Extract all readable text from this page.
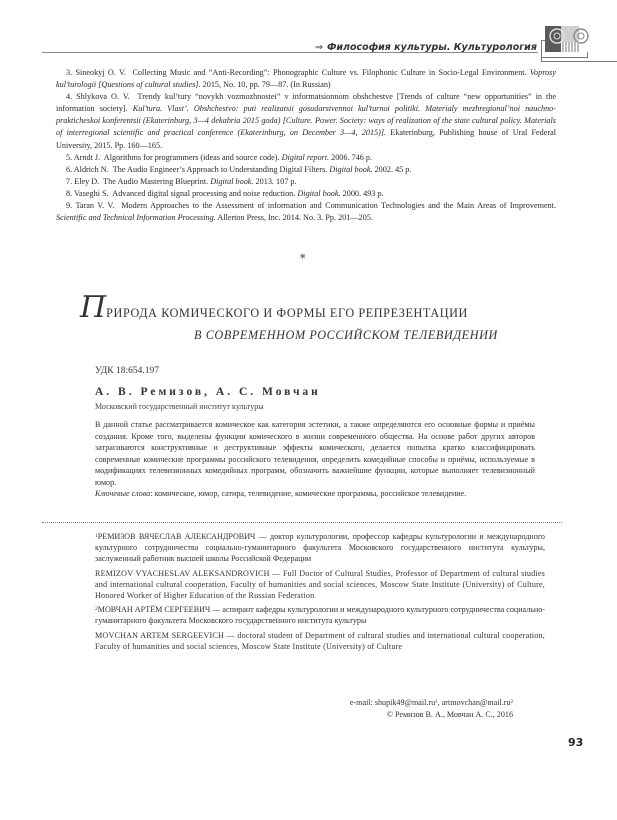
⇒ Философия культуры. Культурология

3. Sineokyj O. V. Collecting Music and “Anti-Recording”: Phonographic Culture vs. Filophonic Culture in Socio-Legal Environment. Voprosy kul’turologii [Questions of cultural studies]. 2015, No. 10, pp. 79—87. (In Russian)

4. Shlykova O. V. Trendy kul’tury “novykh vozmozhnostei” v informatsionnom obshchestve [Trends of culture “new opportunities” in the information society]. Kul’tura. Vlast’. Obshchestvo: puti realizatsii gosudarstvennoi kul’turnoi politiki. Materialy mezhregional’noi nauchno-prakticheskoi konferentsii (Ekaterinburg, 3—4 dekabria 2015 goda) [Culture. Power. Society: ways of realization of the state cultural policy. Materials of interregional scientific and practical conference (Ekaterinburg, on December 3—4, 2015)]. Ekaterinburg, Publishing house of Ural Federal University, 2015. Pp. 160—165.

5. Arndt J. Algorithms for programmers (ideas and source code). Digital report. 2006. 746 p.

6. Aldrich N. The Audio Engineer’s Approach to Understanding Digital Filters. Digital book. 2002. 45 p.

7. Eley D. The Audio Mastering Blueprint. Digital book. 2013. 107 p.

8. Vaseghi S. Advanced digital signal processing and noise reduction. Digital book. 2000. 493 p.

9. Taran V. V. Modern Approaches to the Assessment of information and Communication Technologies and the Main Areas of Improvement. Scientific and Technical Information Processing. Allerton Press, Inc. 2014. No. 3. Pp. 201—205.

*
ПРИРОДА КОМИЧЕСКОГО И ФОРМЫ ЕГО РЕПРЕЗЕНТАЦИИ
В СОВРЕМЕННОМ РОССИЙСКОМ ТЕЛЕВИДЕНИИ
УДК 18:654.197
А. В. Ремизов, А. С. Мовчан
Московский государственный институт культуры

В данной статье рассматривается комическое как категория эстетики, а также определяются его основные формы и приёмы создания. Кроме того, выделены функции комического в жизни современного общества. На основе работ других авторов затрагиваются конструктивные и деструктивные эффекты комического, делается попытка кратко классифицировать современные комические программы российского телевидения, определить комедийные способы и приёмы, используемые в модификациях телевизионных комедийных программ, обозначить важнейшие функции, которые выполняет телевизионный юмор.

Ключевые слова: комическое, юмор, сатира, телевидение, комические программы, российское телевидение.

$^1$РЕМИЗОВ ВЯЧЕСЛАВ АЛЕКСАНДРОВИЧ — доктор культурологии, профессор кафедры культурологии и международного культурного сотрудничества социально-гуманитарного факультета Московского государственного института культуры, заслуженный работник высшей школы Российской Федерации

REMIZOV VYACHESLAV ALEKSANDROVICH — Full Doctor of Cultural Studies, Professor of Department of cultural studies and international cultural cooperation, Faculty of humanities and social sciences, Moscow State Institute (University) of Culture, Honored Worker of Higher Education of the Russian Federation

$^2$МОВЧАН АРТЁМ СЕРГЕЕВИЧ — аспирант кафедры культурологии и международного культурного сотрудничества социально-гуманитарного факультета Московского государственного института культуры

MOVCHAN ARTEM SERGEEVICH — doctoral student of Department of cultural studies and international cultural cooperation, Faculty of humanities and social sciences, Moscow State Institute (University) of Culture

e-mail: $shupik49@mail.ru^1$, $artmovchan@mail.ru^2$
© Ремизов В. А., Мовчан А. С., 2016
93
